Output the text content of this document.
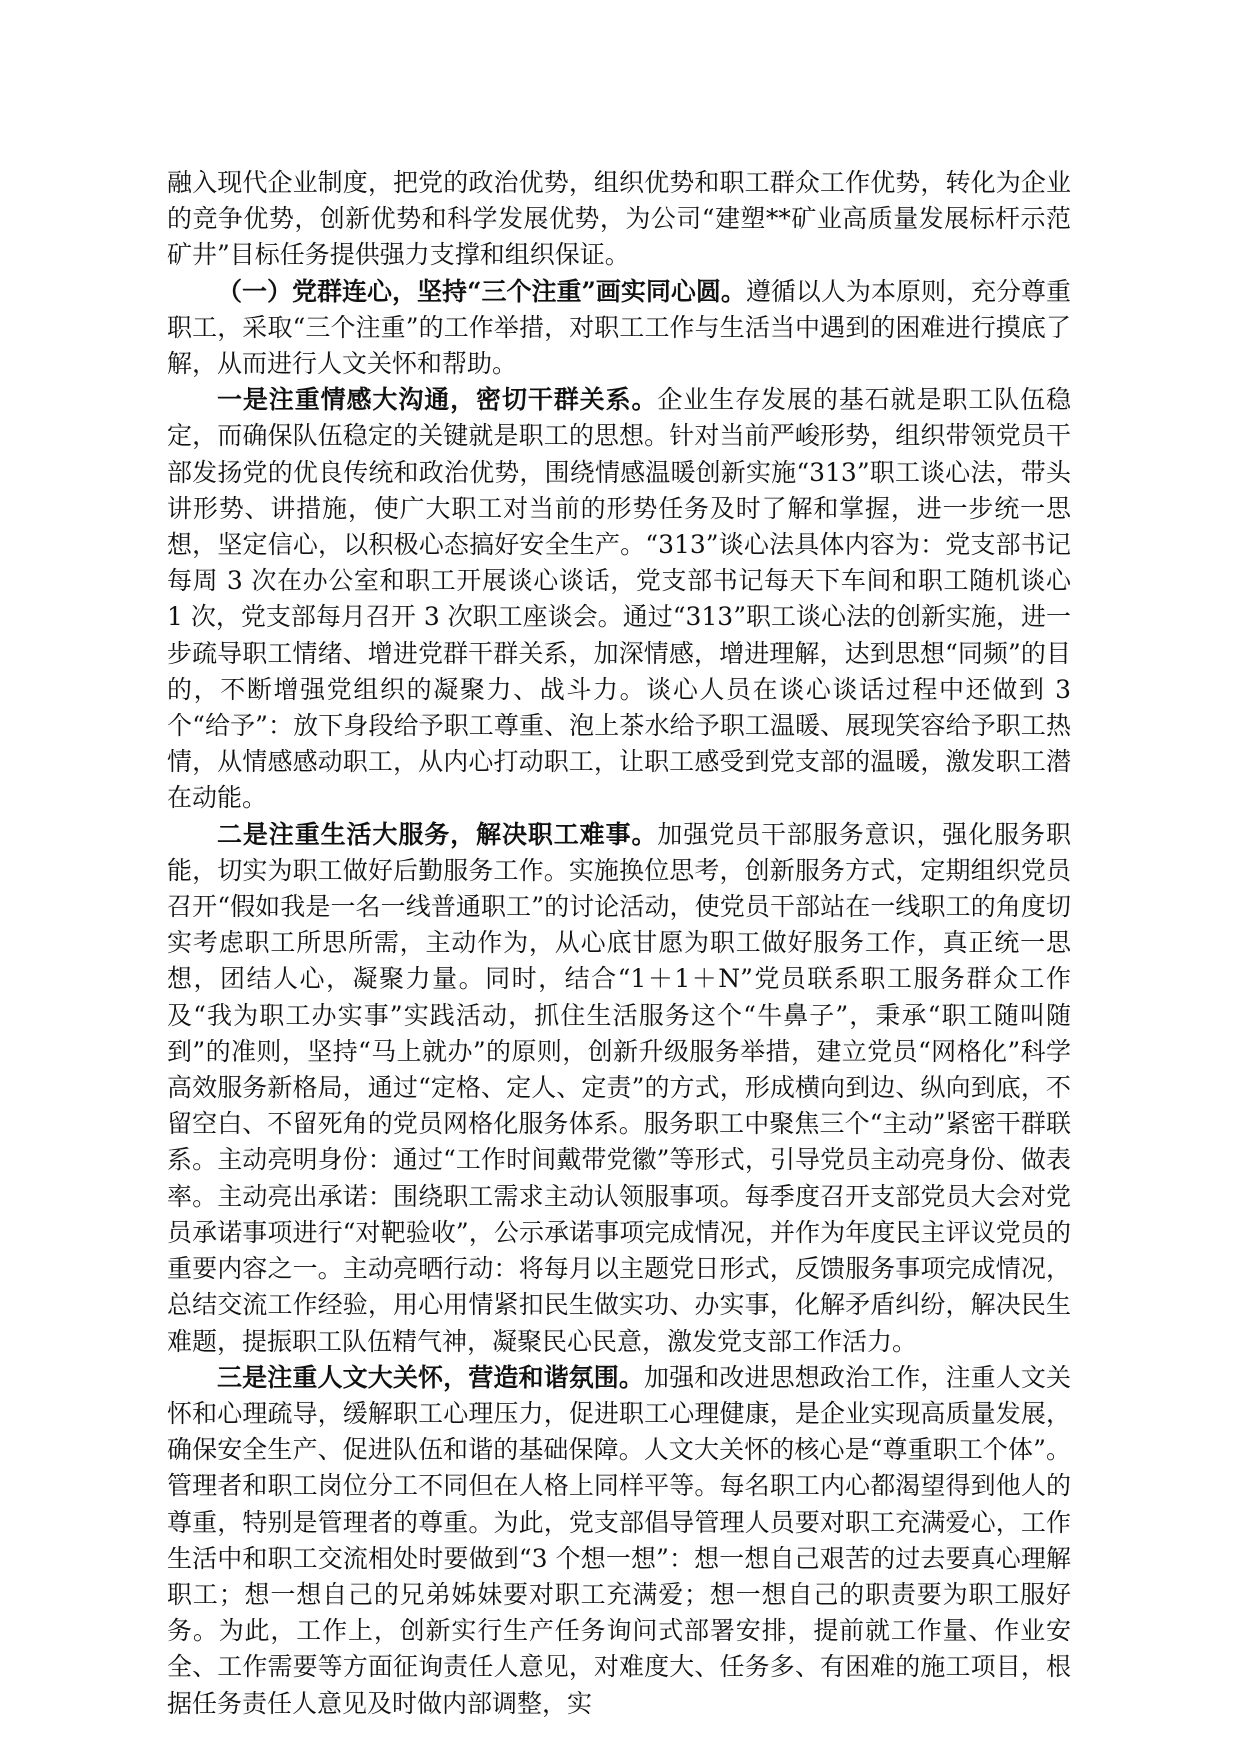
融入现代企业制度，把党的政治优势，组织优势和职工群众工作优势，转化为企业的竞争优势，创新优势和科学发展优势，为公司“建塑**矿业高质量发展标杆示范矿井”目标任务提供强力支撑和组织保证。

（一）党群连心，坚持“三个注重”画实同心圆。遵循以人为本原则，充分尊重职工，采取“三个注重”的工作举措，对职工工作与生活当中遇到的困难进行摸底了解，从而进行人文关怀和帮助。

一是注重情感大沟通，密切干群关系。企业生存发展的基石就是职工队伍稳定，而确保队伍稳定的关键就是职工的思想。针对当前严峻形势，组织带领党员干部发扬党的优良传统和政治优势，围绕情感温暖创新实施“313”职工谈心法，带头讲形势、讲措施，使广大职工对当前的形势任务及时了解和掌握，进一步统一思想，坚定信心，以积极心态搞好安全生产。“313”谈心法具体内容为：党支部书记每周 3 次在办公室和职工开展谈心谈话，党支部书记每天下车间和职工随机谈心 1 次，党支部每月召开 3 次职工座谈会。通过“313”职工谈心法的创新实施，进一步疏导职工情绪、增进党群干群关系，加深情感，增进理解，达到思想“同频”的目的，不断增强党组织的凝聚力、战斗力。谈心人员在谈心谈话过程中还做到 3 个“给予”：放下身段给予职工尊重、泡上茶水给予职工温暖、展现笑容给予职工热情，从情感感动职工，从内心打动职工，让职工感受到党支部的温暖，激发职工潜在动能。

二是注重生活大服务，解决职工难事。加强党员干部服务意识，强化服务职能，切实为职工做好后勤服务工作。实施换位思考，创新服务方式，定期组织党员召开“假如我是一名一线普通职工”的讨论活动，使党员干部站在一线职工的角度切实考虑职工所思所需，主动作为，从心底甘愿为职工做好服务工作，真正统一思想，团结人心，凝聚力量。同时，结合“1＋1＋N”党员联系职工服务群众工作及“我为职工办实事”实践活动，抓住生活服务这个“牛鼻子”，秉承“职工随叫随到”的准则，坚持“马上就办”的原则，创新升级服务举措，建立党员“网格化”科学高效服务新格局，通过“定格、定人、定责”的方式，形成横向到边、纵向到底，不留空白、不留死角的党员网格化服务体系。服务职工中聚焦三个“主动”紧密干群联系。主动亮明身份：通过“工作时间戴带党徽”等形式，引导党员主动亮身份、做表率。主动亮出承诺：围绕职工需求主动认领服事项。每季度召开支部党员大会对党员承诺事项进行“对靶验收”，公示承诺事项完成情况，并作为年度民主评议党员的重要内容之一。主动亮晒行动：将每月以主题党日形式，反馈服务事项完成情况，总结交流工作经验，用心用情紧扣民生做实功、办实事，化解矛盾纠纷，解决民生难题，提振职工队伍精气神，凝聚民心民意，激发党支部工作活力。

三是注重人文大关怀，营造和谐氛围。加强和改进思想政治工作，注重人文关怀和心理疏导，缓解职工心理压力，促进职工心理健康，是企业实现高质量发展，确保安全生产、促进队伍和谐的基础保障。人文大关怀的核心是“尊重职工个体”。管理者和职工岗位分工不同但在人格上同样平等。每名职工内心都渴望得到他人的尊重，特别是管理者的尊重。为此，党支部倡导管理人员要对职工充满爱心，工作生活中和职工交流相处时要做到“3 个想一想”：想一想自己艰苦的过去要真心理解职工；想一想自己的兄弟姊妹要对职工充满爱；想一想自己的职责要为职工服好务。为此，工作上，创新实行生产任务询问式部署安排，提前就工作量、作业安全、工作需要等方面征询责任人意见，对难度大、任务多、有困难的施工项目，根据任务责任人意见及时做内部调整，实
